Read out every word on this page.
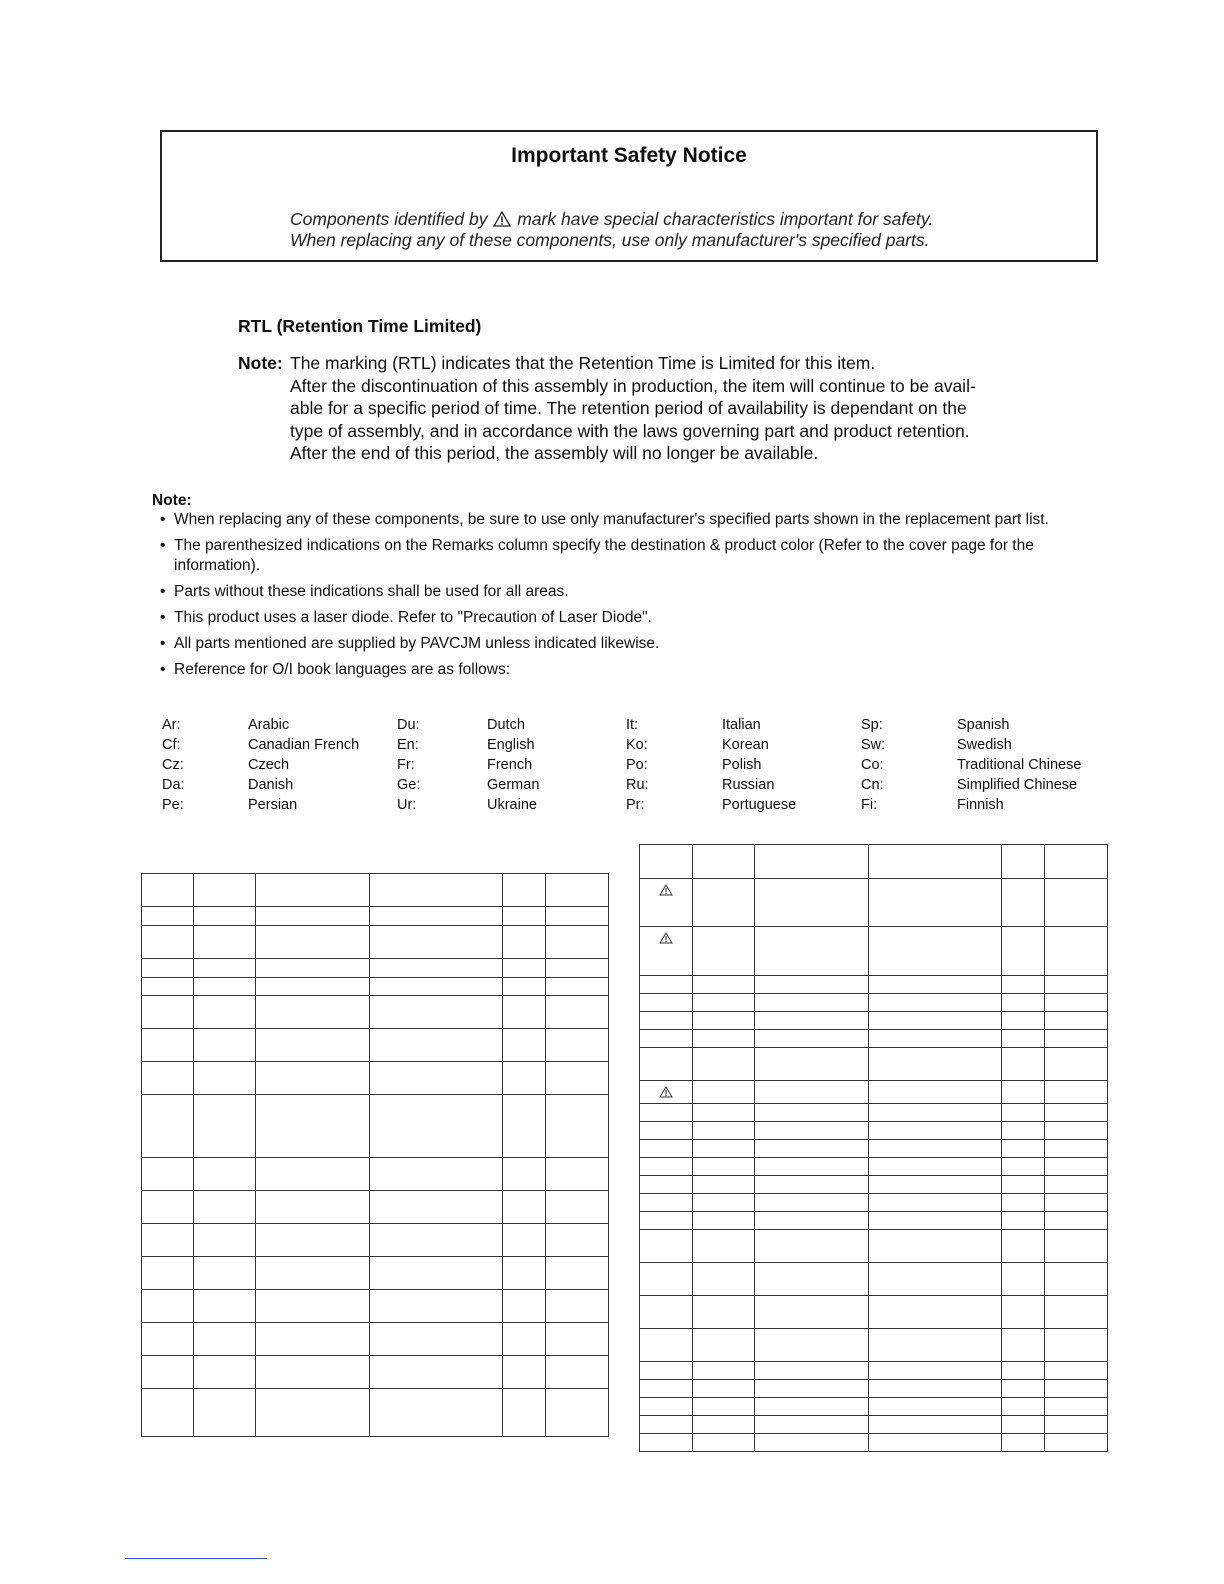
Important Safety Notice
Components identified by mark have special characteristics important for safety.
When replacing any of these components, use only manufacturer's specified parts.
RTL (Retention Time Limited)
Note: The marking (RTL) indicates that the Retention Time is Limited for this item.
After the discontinuation of this assembly in production, the item will continue to be avail-
able for a specific period of time. The retention period of availability is dependant on the
type of assembly, and in accordance with the laws governing part and product retention.
After the end of this period, the assembly will no longer be available.
Note:
• When replacing any of these components, be sure to use only manufacturer's specified parts shown in the replacement part list.
• The parenthesized indications on the Remarks column specify the destination & product color (Refer to the cover page for the information).
• Parts without these indications shall be used for all areas.
• This product uses a laser diode. Refer to "Precaution of Laser Diode".
• All parts mentioned are supplied by PAVCJM unless indicated likewise.
• Reference for O/I book languages are as follows:
Ar:	Arabic	Du:	Dutch	It:	Italian	Sp:	Spanish
Cf:	Canadian French	En:	English	Ko:	Korean	Sw:	Swedish
Cz:	Czech	Fr:	French	Po:	Polish	Co:	Traditional Chinese
Da:	Danish	Ge:	German	Ru:	Russian	Cn:	Simplified Chinese
Pe:	Persian	Ur:	Ukraine	Pr:	Portuguese	Fi:	Finnish
